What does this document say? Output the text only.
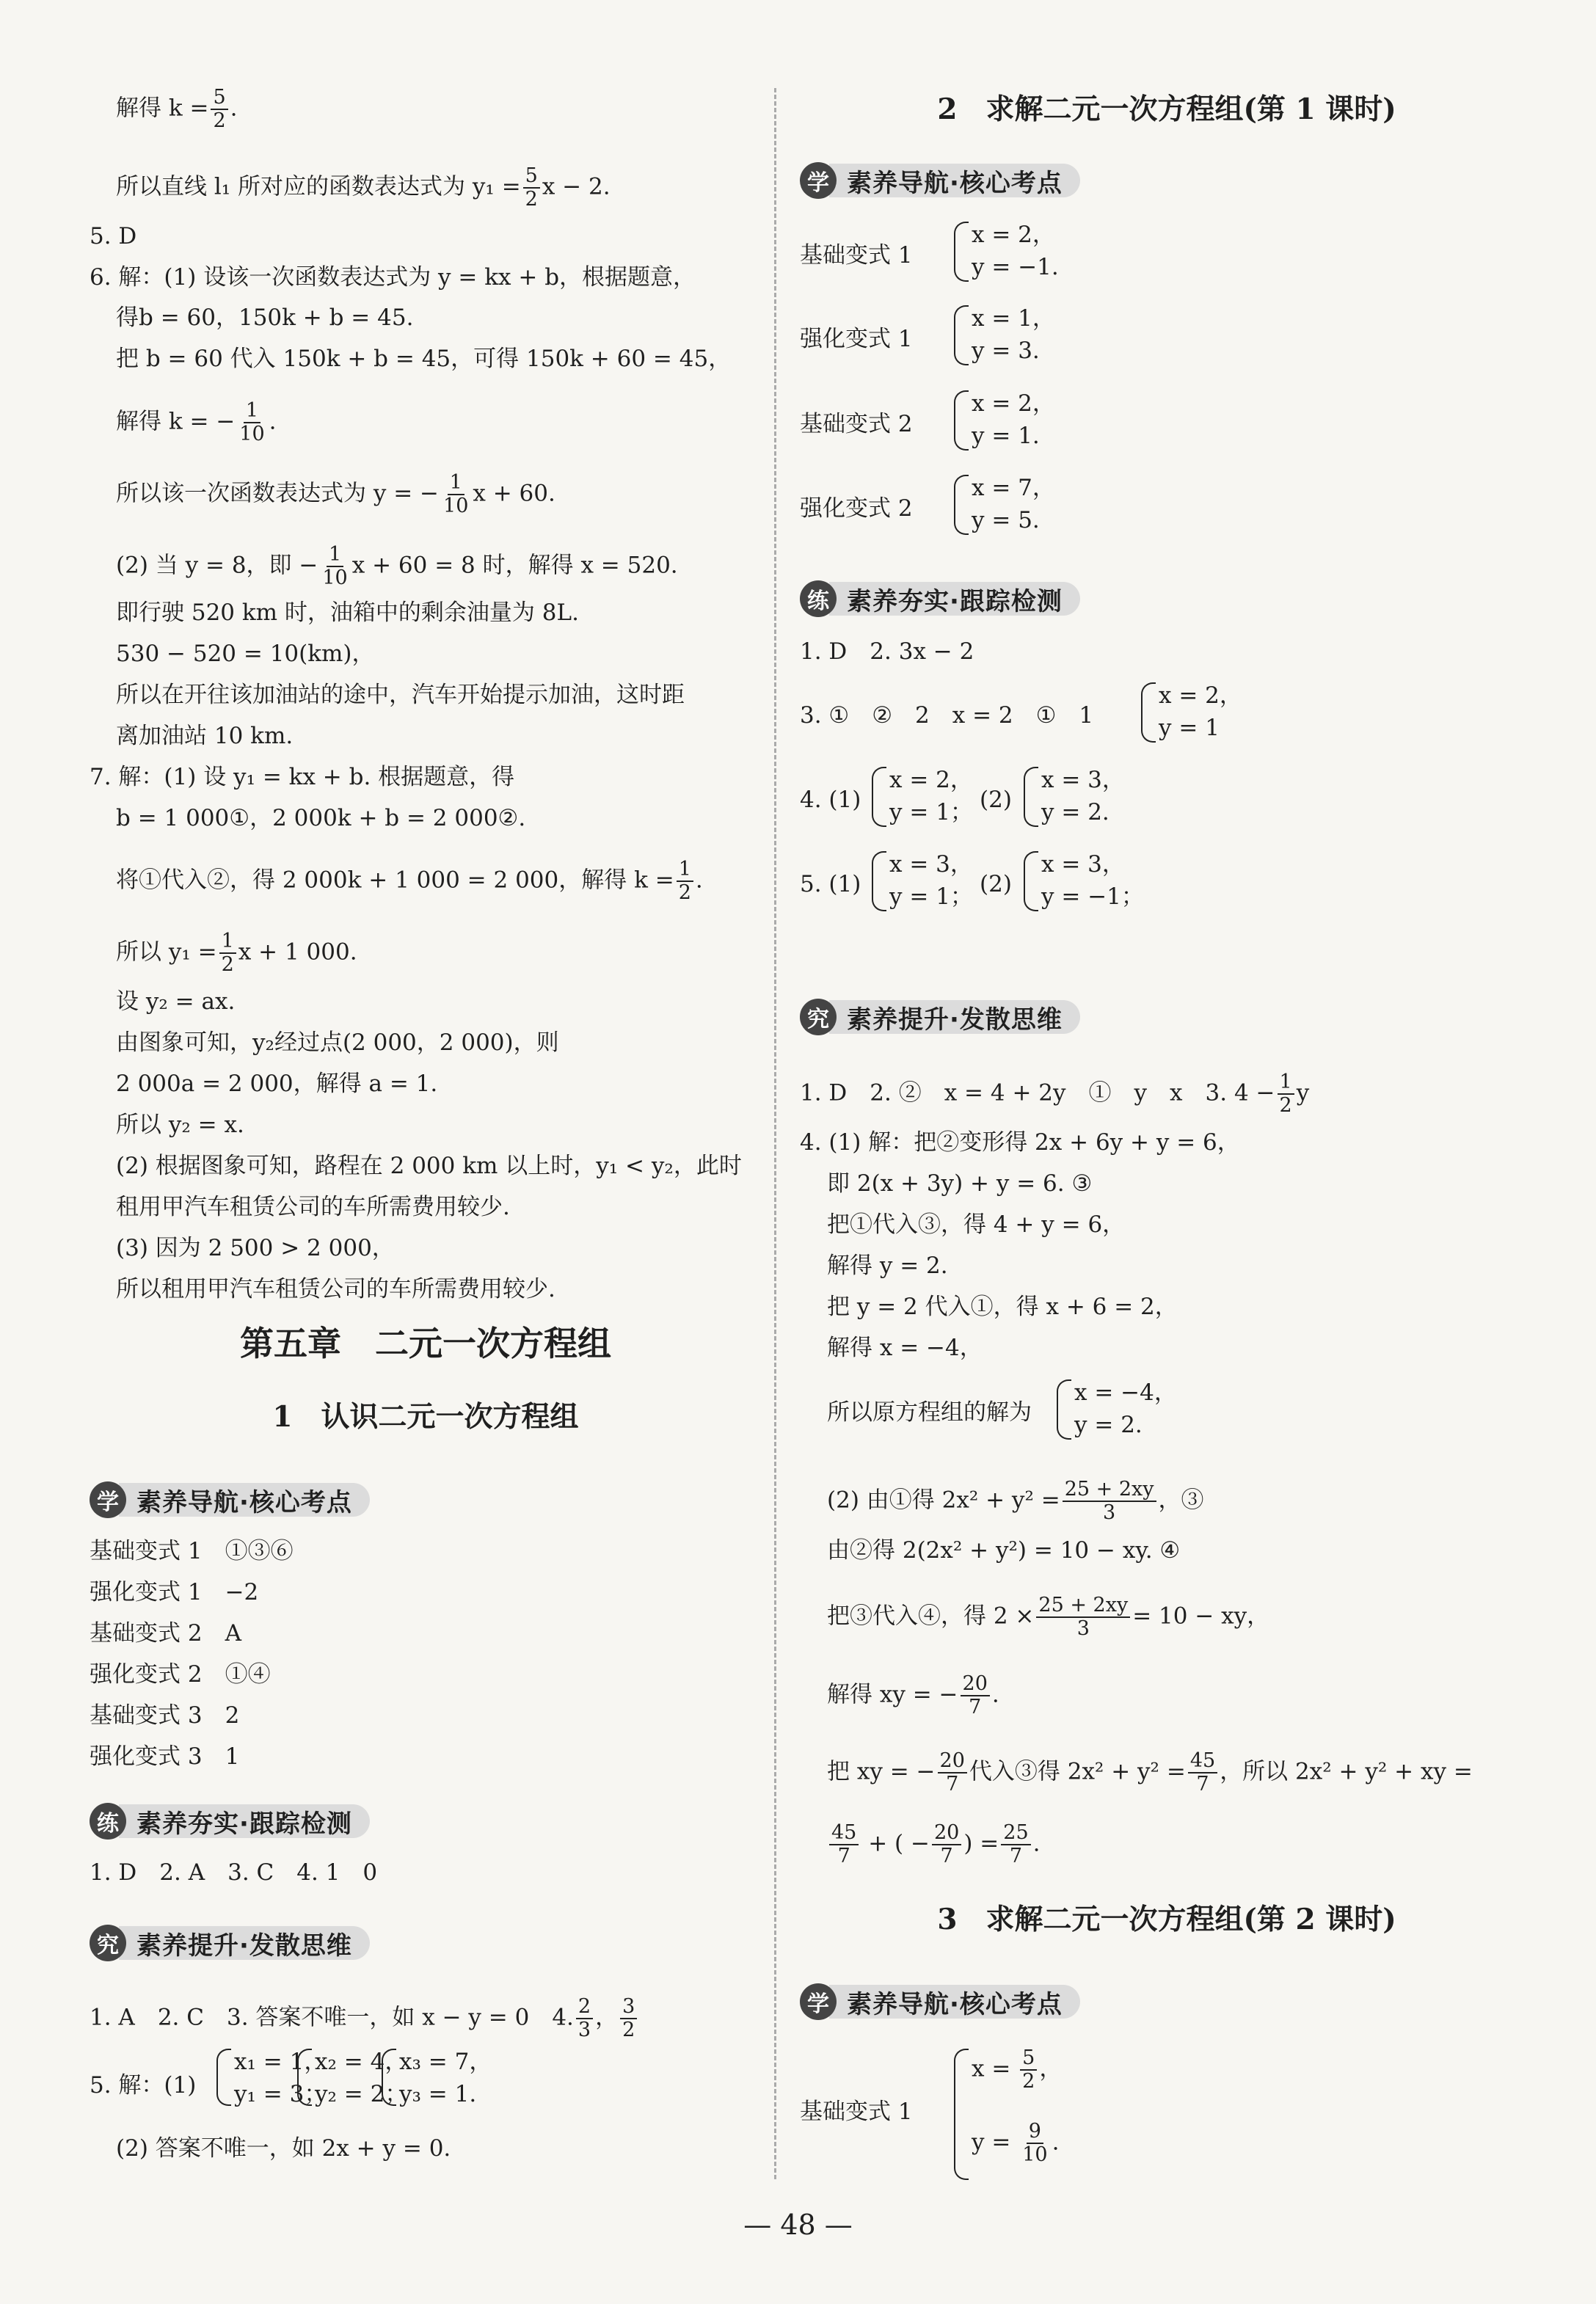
解得 $k = \frac{5}{2}$ .
所以直线 l₁ 所对应的函数表达式为 $y_1 = \frac{5}{2}$ x − 2.
5. D
6. 解：(1) 设该一次函数表达式为 y = kx + b，根据题意，
得b = 60，150k + b = 45.
把 b = 60 代入 150k + b = 45，可得 150k + 60 = 45，
解得 k = − $\frac{1}{10}$ .
所以该一次函数表达式为 y = − $\frac{1}{10}$ x + 60.
(2) 当 y = 8，即 − $\frac{1}{10}$ x + 60 = 8 时，解得 x = 520.
即行驶 520 km 时，油箱中的剩余油量为 8L.
530 − 520 = 10(km)，
所以在开往该加油站的途中，汽车开始提示加油，这时距
离加油站 10 km.
7. 解：(1) 设 y₁ = kx + b. 根据题意，得
b = 1 000①，2 000k + b = 2 000②.
将①代入②，得 2 000k + 1 000 = 2 000，解得 $k = \frac{1}{2}$ .
所以 $y_1 = \frac{1}{2}$ x + 1 000.
设 y₂ = ax.
由图象可知，y₂经过点(2 000，2 000)，则
2 000a = 2 000，解得 a = 1.
所以 y₂ = x.
(2) 根据图象可知，路程在 2 000 km 以上时，y₁ < y₂，此时
租用甲汽车租赁公司的车所需费用较少.
(3) 因为 2 500 > 2 000，
所以租用甲汽车租赁公司的车所需费用较少.
第五章　二元一次方程组
1　认识二元一次方程组
学 素养导航·核心考点
基础变式 1　 ①③⑥
强化变式 1　 −2
基础变式 2　 A
强化变式 2　 ①④
基础变式 3　 2
强化变式 3　 1
练 素养夯实·跟踪检测
1. D　2. A　3. C　4. 1　0
究 素养提升·发散思维
1. A　2. C　3. 答案不唯一，如 x − y = 0　4. $\frac{2}{3}$ ， $\frac{3}{2}$
5. 解：(1)
x₁ = 1，
y₁ = 3；
x₂ = 4，
y₂ = 2；
x₃ = 7，
y₃ = 1.
(2) 答案不唯一，如 2x + y = 0.
2　求解二元一次方程组(第 1 课时)
学 素养导航·核心考点
基础变式 1
x = 2，
y = −1.
强化变式 1
x = 1，
y = 3.
基础变式 2
x = 2，
y = 1.
强化变式 2
x = 7，
y = 5.
练 素养夯实·跟踪检测
1. D　2. 3x − 2
3. ①　②　2　x = 2　①　1
x = 2，
y = 1
4. (1)
x = 2，
y = 1； (2)
x = 3，
y = 2.
5. (1)
x = 3，
y = 1； (2)
x = 3，
y = −1；
究 素养提升·发散思维
1. D　2. ②　x = 4 + 2y　①　y　x　3. $4 - \frac{1}{2}$ y
4. (1) 解：把②变形得 2x + 6y + y = 6，
即 2(x + 3y) + y = 6. ③
把①代入③，得 4 + y = 6，
解得 y = 2.
把 y = 2 代入①，得 x + 6 = 2，
解得 x = −4，
所以原方程组的解为
x = −4，
y = 2.
(2) 由①得 $2x^2 + y^2 = \frac{25 + 2xy}{3}$ ，③
由②得 2(2x² + y²) = 10 − xy. ④
把③代入④，得 $2 \times \frac{25 + 2xy}{3} = 10$ − xy，
解得 xy = − $\frac{20}{7}$ .
把 xy = − $\frac{20}{7}$ 代入③得 $2x^2 + y^2 = \frac{45}{7}$ ，所以 2x² + y² + xy =
$\frac{45}{7}$ + ( − $\frac{20}{7}$ ) = $\frac{25}{7}$ .
3　求解二元一次方程组(第 2 课时)
学 素养导航·核心考点
基础变式 1
$x = \frac{5}{2}$ ，
$y = \frac{9}{10}$ .
— 48 —
